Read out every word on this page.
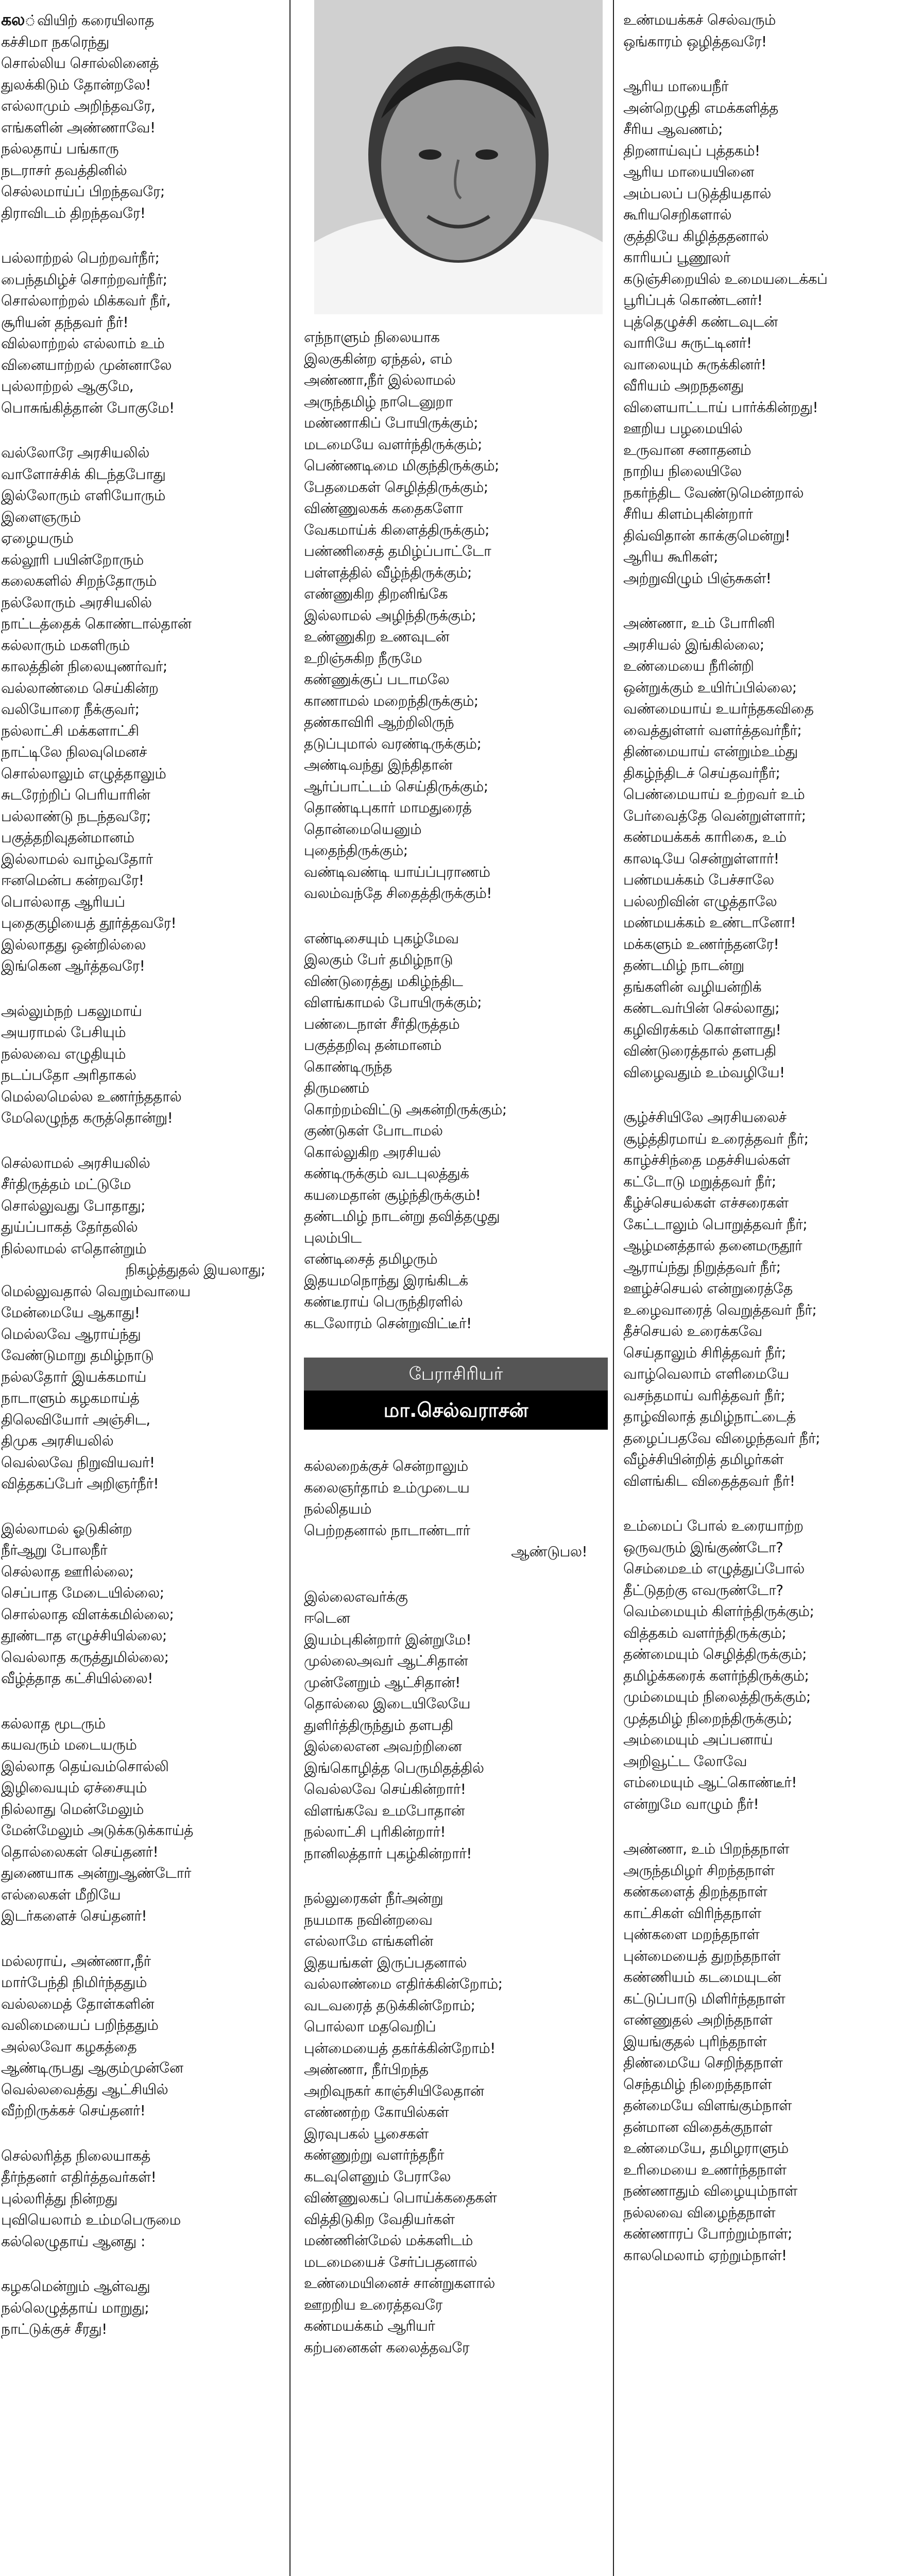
கல்வியிற் கரையிலாத
கச்சிமா நகரெந்து
சொல்லிய சொல்லினைத்
துலக்கிடும் தோன்றலே!
எல்லாமும் அறிந்தவரே,
எங்களின் அண்ணாவே!
நல்லதாய் பங்காரு
நடராசர் தவத்தினில்
செல்லமாய்ப் பிறந்தவரே;
திராவிடம் திறந்தவரே!
பல்லாற்றல் பெற்றவர்நீர்;
பைந்தமிழ்ச் சொற்றவர்நீர்;
சொல்லாற்றல் மிக்கவர் நீர்,
சூரியன் தந்தவர் நீர்!
வில்லாற்றல் எல்லாம் உம்
வினையாற்றல் முன்னாலே
புல்லாற்றல் ஆகுமே,
பொசுங்கித்தான் போகுமே!
வல்லோரே அரசியலில்
வாளோச்சிக் கிடந்தபோது
இல்லோரும் எளியோரும்
இளைஞரும்
ஏழையரும்
கல்லூரி பயின்றோரும்
கலைகளில் சிறந்தோரும்
நல்லோரும் அரசியலில்
நாட்டத்தைக் கொண்டால்தான்
கல்லாரும் மகளிரும்
காலத்தின் நிலையுணர்வர்;
வல்லாண்மை செய்கின்ற
வலியோரை நீக்குவர்;
நல்லாட்சி மக்களாட்சி
நாட்டிலே நிலவுமெனச்
சொல்லாலும் எழுத்தாலும்
சுடரேற்றிப் பெரியாரின்
பல்லாண்டு நடந்தவரே;
பகுத்தறிவுதன்மானம்
இல்லாமல் வாழ்வதோர்
ஈனமென்ப கன்றவரே!
பொல்லாத ஆரியப்
புதைகுழியைத் தூர்த்தவரே!
இல்லாதது ஒன்றில்லை
இங்கென ஆர்த்தவரே!
அல்லும்நற் பகலுமாய்
அயராமல் பேசியும்
நல்லவை எழுதியும்
நடப்பதோ அரிதாகல்
மெல்லமெல்ல உணர்ந்ததால்
மேலெழுந்த கருத்தொன்று!
செல்லாமல் அரசியலில்
சீர்திருத்தம் மட்டுமே
சொல்லுவது போதாது;
துய்ப்பாகத் தேர்தலில்
நில்லாமல் எதொன்றும்
நிகழ்த்துதல் இயலாது;
மெல்லுவதால் வெறும்வாயை
மேன்மையே ஆகாது!
மெல்லவே ஆராய்ந்து
வேண்டுமாறு தமிழ்நாடு
நல்லதோர் இயக்கமாய்
நாடாளும் கழகமாய்த்
திலெவியோர் அஞ்சிட,
திமுக அரசியலில்
வெல்லவே நிறுவியவர்!
வித்தகப்பேர் அறிஞர்நீர்!
இல்லாமல் ஓடுகின்ற
நீர்ஆறு போலநீர்
செல்லாத ஊரில்லை;
செப்பாத மேடையில்லை;
சொல்லாத விளக்கமில்லை;
தூண்டாத எழுச்சியில்லை;
வெல்லாத கருத்துமில்லை;
வீழ்த்தாத கட்சியில்லை!
கல்லாத மூடரும்
கயவரும் மடையரும்
இல்லாத தெய்வம்சொல்லி
இழிவையும் ஏச்சையும்
நில்லாது மென்மேலும்
மேன்மேலும் அடுக்கடுக்காய்த்
தொல்லைகள் செய்தனர்!
துணையாக அன்றுஆண்டோர்
எல்லைகள் மீறியே
இடர்களைச் செய்தனர்!
மல்லராய், அண்ணா,நீர்
மார்பேந்தி நிமிர்ந்ததும்
வல்லமைத் தோள்களின்
வலிமையைப் பறிந்ததும்
அல்லவோ கழகத்தை
ஆண்டிருபது ஆகும்முன்னே
வெல்லவைத்து ஆட்சியில்
வீற்றிருக்கச் செய்தனர்!
செல்லரித்த நிலையாகத்
தீர்ந்தனர் எதிர்த்தவர்கள்!
புல்லரித்து நின்றது
புவியெலாம் உம்மபெருமை
கல்லெழுதாய் ஆனது :
கழகமென்றும் ஆள்வது
நல்லெழுத்தாய் மாறுது;
நாட்டுக்குச் சீரது!
எந்நாளும் நிலையாக
இலகுகின்ற ஏந்தல், எம்
அண்ணா,நீர் இல்லாமல்
அருந்தமிழ் நாடெனுறா
மண்ணாகிப் போயிருக்கும்;
மடமையே வளர்ந்திருக்கும்;
பெண்ணடிமை மிகுந்திருக்கும்;
பேதமைகள் செழித்திருக்கும்;
விண்ணுலகக் கதைகளோ
வேகமாய்க் கிளைத்திருக்கும்;
பண்ணிசைத் தமிழ்ப்பாட்டோ
பள்ளத்தில் வீழ்ந்திருக்கும்;
எண்ணுகிற திறனிங்கே
இல்லாமல் அழிந்திருக்கும்;
உண்ணுகிற உணவுடன்
உறிஞ்சுகிற நீருமே
கண்ணுக்குப் படாமலே
காணாமல் மறைந்திருக்கும்;
தண்காவிரி ஆற்றிலிருந்
தடுப்புமால் வரண்டிருக்கும்;
அண்டிவந்து இந்திதான்
ஆர்ப்பாட்டம் செய்திருக்கும்;
தொண்டிபுகார் மாமதுரைத்
தொன்மையெனும்
புதைந்திருக்கும்;
வண்டிவண்டி யாய்ப்புராணம்
வலம்வந்தே சிதைத்திருக்கும்!
எண்டிசையும் புகழ்மேவ
இலகும் பேர் தமிழ்நாடு
விண்டுரைத்து மகிழ்ந்திட
விளங்காமல் போயிருக்கும்;
பண்டைநாள் சீர்திருத்தம்
பகுத்தறிவு தன்மானம்
கொண்டிருந்த
திருமணம்
கொற்றம்விட்டு அகன்றிருக்கும்;
குண்டுகள் போடாமல்
கொல்லுகிற அரசியல்
கண்டிருக்கும் வடபுலத்துக்
கயமைதான் சூழ்ந்திருக்கும்!
தண்டமிழ் நாடன்று தவித்தழுது
புலம்பிட
எண்டிசைத் தமிழரும்
இதயமநொந்து இரங்கிடக்
கண்டீராய் பெருந்திரளில்
கடலோரம் சென்றுவிட்டீர்!
பேராசிரியர்
மா.செல்வராசன்
கல்லறைக்குச் சென்றாலும்
கலைஞர்தாம் உம்முடைய
நல்லிதயம்
பெற்றதனால் நாடாண்டார்
ஆண்டுபல!
இல்லைஎவர்க்கு
ஈடென
இயம்புகின்றார் இன்றுமே!
முல்லைஅவர் ஆட்சிதான்
முன்னேறும் ஆட்சிதான்!
தொல்லை இடையிலேயே
துளிர்த்திருந்தும் தளபதி
இல்லைஎன அவற்றினை
இங்கொழித்த பெருமிதத்தில்
வெல்லவே செய்கின்றார்!
விளங்கவே உமபோதான்
நல்லாட்சி புரிகின்றார்!
நானிலத்தார் புகழ்கின்றார்!
நல்லுரைகள் நீர்அன்று
நயமாக நவின்றவை
எல்லாமே எங்களின்
இதயங்கள் இருப்பதனால்
வல்லாண்மை எதிர்க்கின்றோம்;
வடவரைத் தடுக்கின்றோம்;
பொல்லா மதவெறிப்
புன்மையைத் தகர்க்கின்றோம்!
அண்ணா, நீர்பிறந்த
அறிவுநகர் காஞ்சியிலேதான்
எண்ணற்ற கோயில்கள்
இரவுபகல் பூசைகள்
கண்ணுற்று வளர்ந்தநீர்
கடவுளெனும் பேராலே
விண்ணுலகப் பொய்க்கதைகள்
வித்திடுகிற வேதியர்கள்
மண்ணின்மேல் மக்களிடம்
மடமையைச் சேர்ப்பதனால்
உண்மையினைச் சான்றுகளால்
ஊறறிய உரைத்தவரே
கண்மயக்கம் ஆரியர்
கற்பனைகள் கலைத்தவரே
உண்மயக்கச் செல்வரும்
ஒங்காரம் ஒழித்தவரே!
ஆரிய மாயைநீர்
அன்றெழுதி எமக்களித்த
சீரிய ஆவணம்;
திறனாய்வுப் புத்தகம்!
ஆரிய மாயையினை
அம்பலப் படுத்தியதால்
கூரியசெறிகளால்
குத்தியே கிழித்ததனால்
காரியப் பூணூலர்
கடுஞ்சிறையில் உமையடைக்கப்
பூரிப்புக் கொண்டனர்!
புத்தெழுச்சி கண்டவுடன்
வாரியே சுருட்டினர்!
வாலையும் சுருக்கினர்!
வீரியம் அறநதனது
விளையாட்டாய் பார்க்கின்றது!
ஊறிய பழமையில்
உருவான சனாதனம்
நாறிய நிலையிலே
நகர்ந்திட வேண்டுமென்றால்
சீரிய கிளம்புகின்றார்
திவ்விதான் காக்குமென்று!
ஆரிய கூரிகள்;
அற்றுவிழும் பிஞ்சுகள்!
அண்ணா, உம் போரினி
அரசியல் இங்கில்லை;
உண்மையை நீரின்றி
ஒன்றுக்கும் உயிர்ப்பில்லை;
வண்மையாய் உயர்ந்தகவிதை
வைத்துள்ளர் வளர்த்தவர்நீர்;
திண்மையாய் என்றும்உம்து
திகழ்ந்திடச் செய்தவர்நீர்;
பெண்மையாய் உற்றவர் உம்
பேர்வைத்தே வென்றுள்ளார்;
கண்மயக்கக் காரிகை, உம்
காலடியே சென்றுள்ளார்!
பண்மயக்கம் பேச்சாலே
பல்லறிவின் எழுத்தாலே
மண்மயக்கம் உண்டானோ!
மக்களும் உணர்ந்தனரே!
தண்டமிழ் நாடன்று
தங்களின் வழியன்றிக்
கண்டவர்பின் செல்லாது;
கழிவிரக்கம் கொள்ளாது!
விண்டுரைத்தால் தளபதி
விழைவதும் உம்வழியே!
சூழ்ச்சியிலே அரசியலைச்
சூழ்த்திரமாய் உரைத்தவர் நீர்;
காழ்ச்சிந்தை மதச்சியல்கள்
கட்டோடு மறுத்தவர் நீர்;
கீழ்ச்செயல்கள் எச்சரைகள்
கேட்டாலும் பொறுத்தவர் நீர்;
ஆழ்மனத்தால் தனைமருதூர்
ஆராய்ந்து நிறுத்தவர் நீர்;
ஊழ்ச்செயல் என்றுரைத்தே
உழைவாரைத் வெறுத்தவர் நீர்;
தீச்செயல் உரைக்கவே
செய்தாலும் சிரித்தவர் நீர்;
வாழ்வெலாம் எளிமையே
வசந்தமாய் வரித்தவர் நீர்;
தாழ்விலாத் தமிழ்நாட்டைத்
தழைப்பதவே விழைந்தவர் நீர்;
வீழ்ச்சியின்றித் தமிழர்கள்
விளங்கிட விதைத்தவர் நீர்!
உம்மைப் போல் உரையாற்ற
ஒருவரும் இங்குண்டோ?
செம்மைஉம் எழுத்துப்போல்
தீட்டுதற்கு எவருண்டோ?
வெம்மையும் கிளர்ந்திருக்கும்;
வித்தகம் வளர்ந்திருக்கும்;
தண்மையும் செழித்திருக்கும்;
தமிழ்க்கரைக் களர்ந்திருக்கும்;
மும்மையும் நிலைத்திருக்கும்;
முத்தமிழ் நிறைந்திருக்கும்;
அம்மையும் அப்பனாய்
அறிவூட்ட லோவே
எம்மையும் ஆட்கொண்டீர்!
என்றுமே வாழும் நீர்!
அண்ணா, உம் பிறந்தநாள்
அருந்தமிழர் சிறந்தநாள்
கண்களைத் திறந்தநாள்
காட்சிகள் விரிந்தநாள்
புண்களை மறந்தநாள்
புன்மையைத் துறந்தநாள்
கண்ணியம் கடமையுடன்
கட்டுப்பாடு மிளிர்ந்தநாள்
எண்ணுதல் அறிந்தநாள்
இயங்குதல் புரிந்தநாள்
திண்மையே செறிந்தநாள்
செந்தமிழ் நிறைந்தநாள்
தன்மையே விளங்கும்நாள்
தன்மான விதைக்குநாள்
உண்மையே, தமிழராளும்
உரிமையை உணர்ந்தநாள்
நண்ணாதும் விழையும்நாள்
நல்லவை விழைந்தநாள்
கண்ணாரப் போற்றும்நாள்;
காலமெலாம் ஏற்றும்நாள்!
